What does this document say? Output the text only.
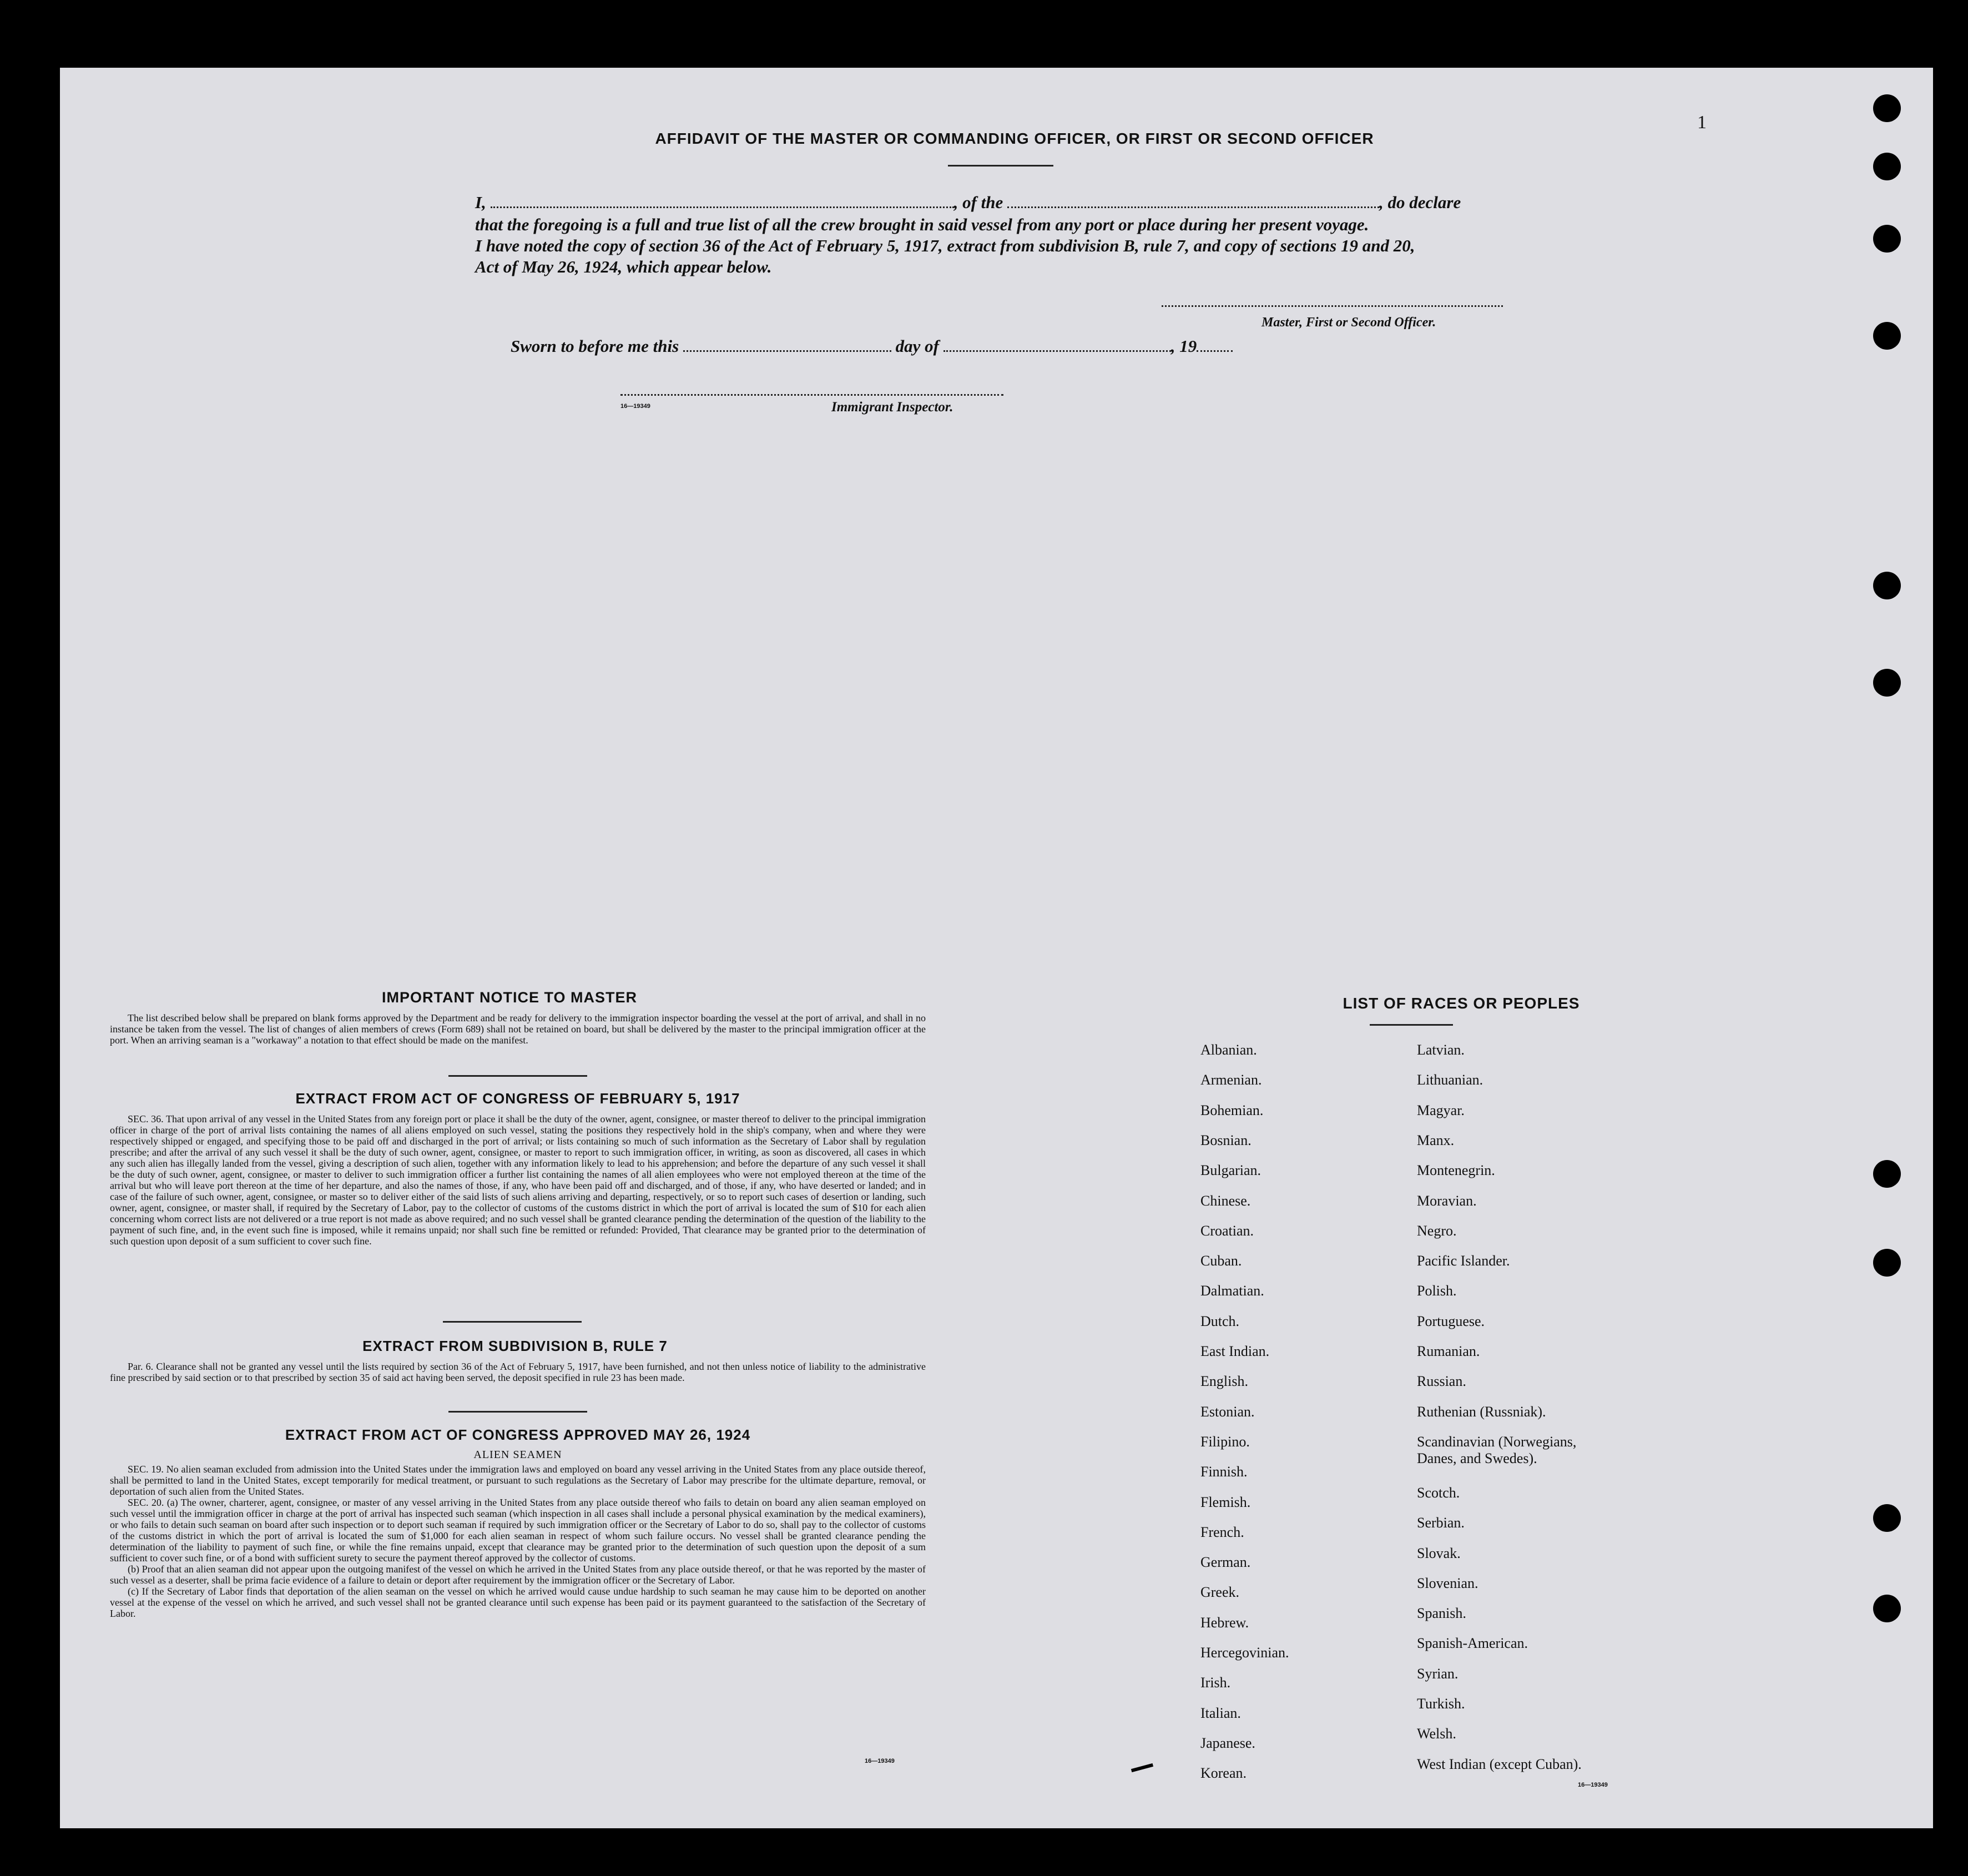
1
AFFIDAVIT OF THE MASTER OR COMMANDING OFFICER, OR FIRST OR SECOND OFFICER
I,	, of the	, do declare
that the foregoing is a full and true list of all the crew brought in said vessel from any port or place during her present voyage.
I have noted the copy of section 36 of the Act of February 5, 1917, extract from subdivision B, rule 7, and copy of sections 19 and 20,
Act of May 26, 1924, which appear below.
Master, First or Second Officer.
Sworn to before me this	day of	, 19
16—19349	Immigrant Inspector.
IMPORTANT NOTICE TO MASTER
The list described below shall be prepared on blank forms approved by the Department and be ready for delivery to the immigration inspector boarding the vessel at the port of arrival, and shall in no instance be taken from the vessel. The list of changes of alien members of crews (Form 689) shall not be retained on board, but shall be delivered by the master to the principal immigration officer at the port. When an arriving seaman is a "workaway" a notation to that effect should be made on the manifest.
EXTRACT FROM ACT OF CONGRESS OF FEBRUARY 5, 1917
SEC. 36. That upon arrival of any vessel in the United States from any foreign port or place it shall be the duty of the owner, agent, consignee, or master thereof to deliver to the principal immigration officer in charge of the port of arrival lists containing the names of all aliens employed on such vessel, stating the positions they respectively hold in the ship's company, when and where they were respectively shipped or engaged, and specifying those to be paid off and discharged in the port of arrival; or lists containing so much of such information as the Secretary of Labor shall by regulation prescribe; and after the arrival of any such vessel it shall be the duty of such owner, agent, consignee, or master to report to such immigration officer, in writing, as soon as discovered, all cases in which any such alien has illegally landed from the vessel, giving a description of such alien, together with any information likely to lead to his apprehension; and before the departure of any such vessel it shall be the duty of such owner, agent, consignee, or master to deliver to such immigration officer a further list containing the names of all alien employees who were not employed thereon at the time of the arrival but who will leave port thereon at the time of her departure, and also the names of those, if any, who have been paid off and discharged, and of those, if any, who have deserted or landed; and in case of the failure of such owner, agent, consignee, or master so to deliver either of the said lists of such aliens arriving and departing, respectively, or so to report such cases of desertion or landing, such owner, agent, consignee, or master shall, if required by the Secretary of Labor, pay to the collector of customs of the customs district in which the port of arrival is located the sum of $10 for each alien concerning whom correct lists are not delivered or a true report is not made as above required; and no such vessel shall be granted clearance pending the determination of the question of the liability to the payment of such fine, and, in the event such fine is imposed, while it remains unpaid; nor shall such fine be remitted or refunded: Provided, That clearance may be granted prior to the determination of such question upon deposit of a sum sufficient to cover such fine.
EXTRACT FROM SUBDIVISION B, RULE 7
Par. 6. Clearance shall not be granted any vessel until the lists required by section 36 of the Act of February 5, 1917, have been furnished, and not then unless notice of liability to the administrative fine prescribed by said section or to that prescribed by section 35 of said act having been served, the deposit specified in rule 23 has been made.
EXTRACT FROM ACT OF CONGRESS APPROVED MAY 26, 1924
ALIEN SEAMEN
SEC. 19. No alien seaman excluded from admission into the United States under the immigration laws and employed on board any vessel arriving in the United States from any place outside thereof, shall be permitted to land in the United States, except temporarily for medical treatment, or pursuant to such regulations as the Secretary of Labor may prescribe for the ultimate departure, removal, or deportation of such alien from the United States.
SEC. 20. (a) The owner, charterer, agent, consignee, or master of any vessel arriving in the United States from any place outside thereof who fails to detain on board any alien seaman employed on such vessel until the immigration officer in charge at the port of arrival has inspected such seaman (which inspection in all cases shall include a personal physical examination by the medical examiners), or who fails to detain such seaman on board after such inspection or to deport such seaman if required by such immigration officer or the Secretary of Labor to do so, shall pay to the collector of customs of the customs district in which the port of arrival is located the sum of $1,000 for each alien seaman in respect of whom such failure occurs. No vessel shall be granted clearance pending the determination of the liability to payment of such fine, or while the fine remains unpaid, except that clearance may be granted prior to the determination of such question upon the deposit of a sum sufficient to cover such fine, or of a bond with sufficient surety to secure the payment thereof approved by the collector of customs.
(b) Proof that an alien seaman did not appear upon the outgoing manifest of the vessel on which he arrived in the United States from any place outside thereof, or that he was reported by the master of such vessel as a deserter, shall be prima facie evidence of a failure to detain or deport after requirement by the immigration officer or the Secretary of Labor.
(c) If the Secretary of Labor finds that deportation of the alien seaman on the vessel on which he arrived would cause undue hardship to such seaman he may cause him to be deported on another vessel at the expense of the vessel on which he arrived, and such vessel shall not be granted clearance until such expense has been paid or its payment guaranteed to the satisfaction of the Secretary of Labor.
16—19349
LIST OF RACES OR PEOPLES
Albanian.
Armenian.
Bohemian.
Bosnian.
Bulgarian.
Chinese.
Croatian.
Cuban.
Dalmatian.
Dutch.
East Indian.
English.
Estonian.
Filipino.
Finnish.
Flemish.
French.
German.
Greek.
Hebrew.
Hercegovinian.
Irish.
Italian.
Japanese.
Korean.
Latvian.
Lithuanian.
Magyar.
Manx.
Montenegrin.
Moravian.
Negro.
Pacific Islander.
Polish.
Portuguese.
Rumanian.
Russian.
Ruthenian (Russniak).
Scandinavian (Norwegians,
Danes, and Swedes).
Scotch.
Serbian.
Slovak.
Slovenian.
Spanish.
Spanish-American.
Syrian.
Turkish.
Welsh.
West Indian (except Cuban).
16—19349
